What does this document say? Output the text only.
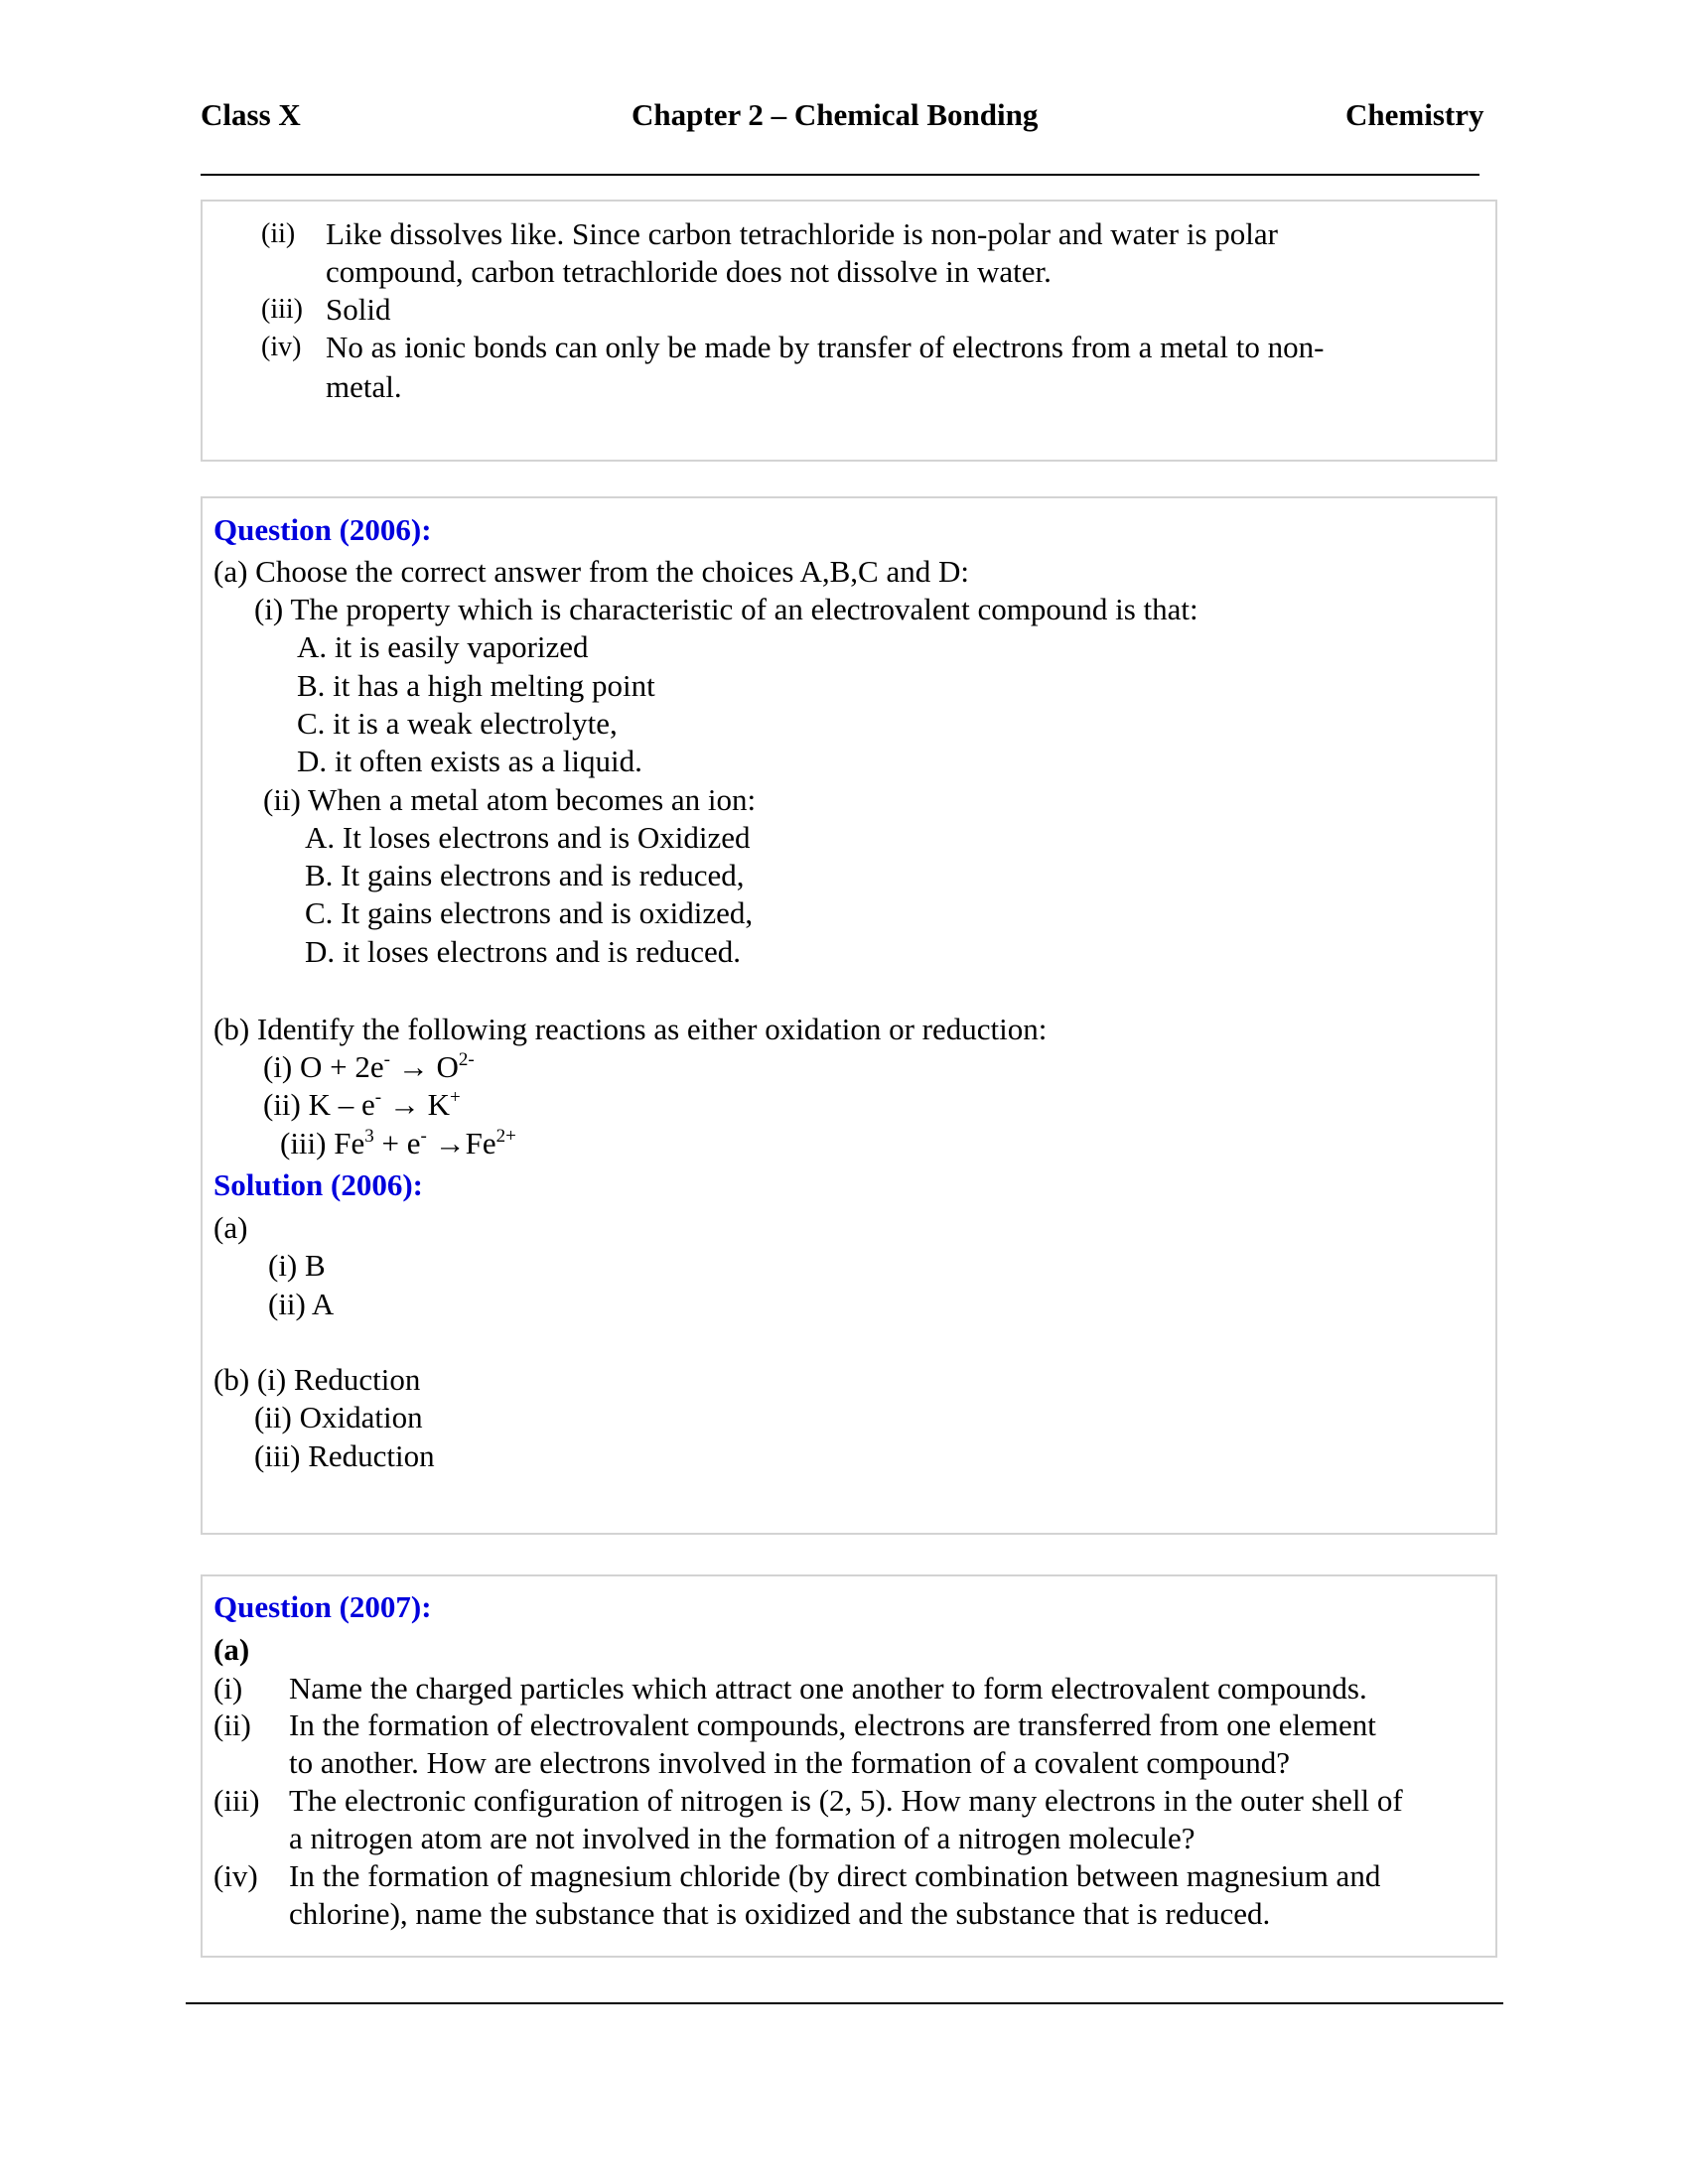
Class X	Chapter 2 – Chemical Bonding	Chemistry
(ii) Like dissolves like. Since carbon tetrachloride is non-polar and water is polar
compound, carbon tetrachloride does not dissolve in water.
(iii) Solid
(iv) No as ionic bonds can only be made by transfer of electrons from a metal to non-
metal.
Question (2006):
(a) Choose the correct answer from the choices A,B,C and D:
(i) The property which is characteristic of an electrovalent compound is that:
A. it is easily vaporized
B. it has a high melting point
C. it is a weak electrolyte,
D. it often exists as a liquid.
(ii) When a metal atom becomes an ion:
A. It loses electrons and is Oxidized
B. It gains electrons and is reduced,
C. It gains electrons and is oxidized,
D. it loses electrons and is reduced.
(b) Identify the following reactions as either oxidation or reduction:
(i) $O + 2e^- \to O^{2-}$
(ii) K – e- → K+
(iii) $Fe^3 + e^- \to Fe^{2+}$
Solution (2006):
(a)
(i) B
(ii) A
(b) (i) Reduction
(ii) Oxidation
(iii) Reduction
Question (2007):
(a)
(i) Name the charged particles which attract one another to form electrovalent compounds.
(ii) In the formation of electrovalent compounds, electrons are transferred from one element
to another. How are electrons involved in the formation of a covalent compound?
(iii) The electronic configuration of nitrogen is (2, 5). How many electrons in the outer shell of
a nitrogen atom are not involved in the formation of a nitrogen molecule?
(iv) In the formation of magnesium chloride (by direct combination between magnesium and
chlorine), name the substance that is oxidized and the substance that is reduced.
